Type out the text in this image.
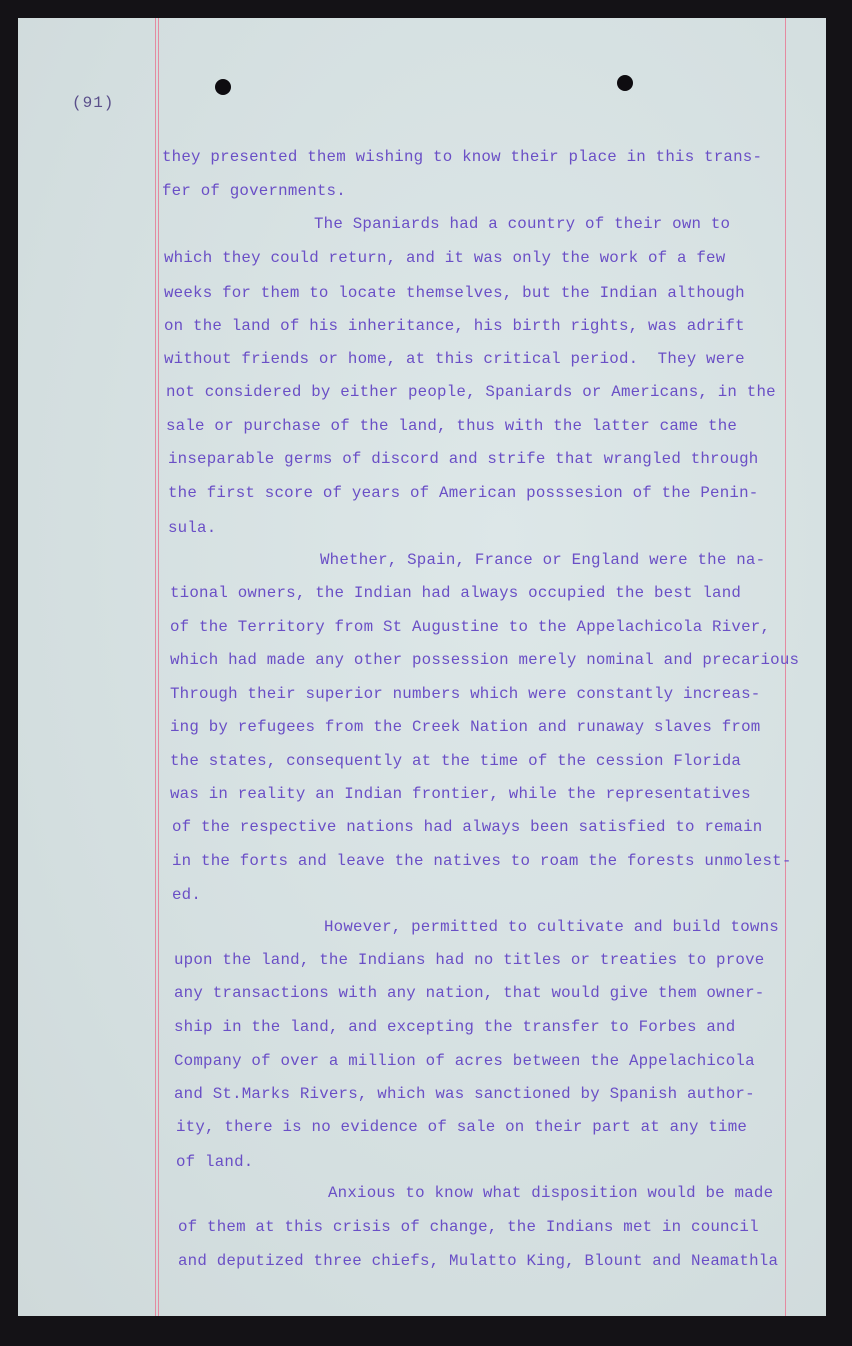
(91)
they presented them wishing to know their place in this trans-
fer of governments.
The Spaniards had a country of their own to
which they could return, and it was only the work of a few
weeks for them to locate themselves, but the Indian although
on the land of his inheritance, his birth rights, was adrift
without friends or home, at this critical period.  They were
not considered by either people, Spaniards or Americans, in the
sale or purchase of the land, thus with the latter came the
inseparable germs of discord and strife that wrangled through
the first score of years of American posssesion of the Penin-
sula.
Whether, Spain, France or England were the na-
tional owners, the Indian had always occupied the best land
of the Territory from St Augustine to the Appelachicola River,
which had made any other possession merely nominal and precarious
Through their superior numbers which were constantly increas-
ing by refugees from the Creek Nation and runaway slaves from
the states, consequently at the time of the cession Florida
was in reality an Indian frontier, while the representatives
of the respective nations had always been satisfied to remain
in the forts and leave the natives to roam the forests unmolest-
ed.
However, permitted to cultivate and build towns
upon the land, the Indians had no titles or treaties to prove
any transactions with any nation, that would give them owner-
ship in the land, and excepting the transfer to Forbes and
Company of over a million of acres between the Appelachicola
and St.Marks Rivers, which was sanctioned by Spanish author-
ity, there is no evidence of sale on their part at any time
of land.
Anxious to know what disposition would be made
of them at this crisis of change, the Indians met in council
and deputized three chiefs, Mulatto King, Blount and Neamathla
